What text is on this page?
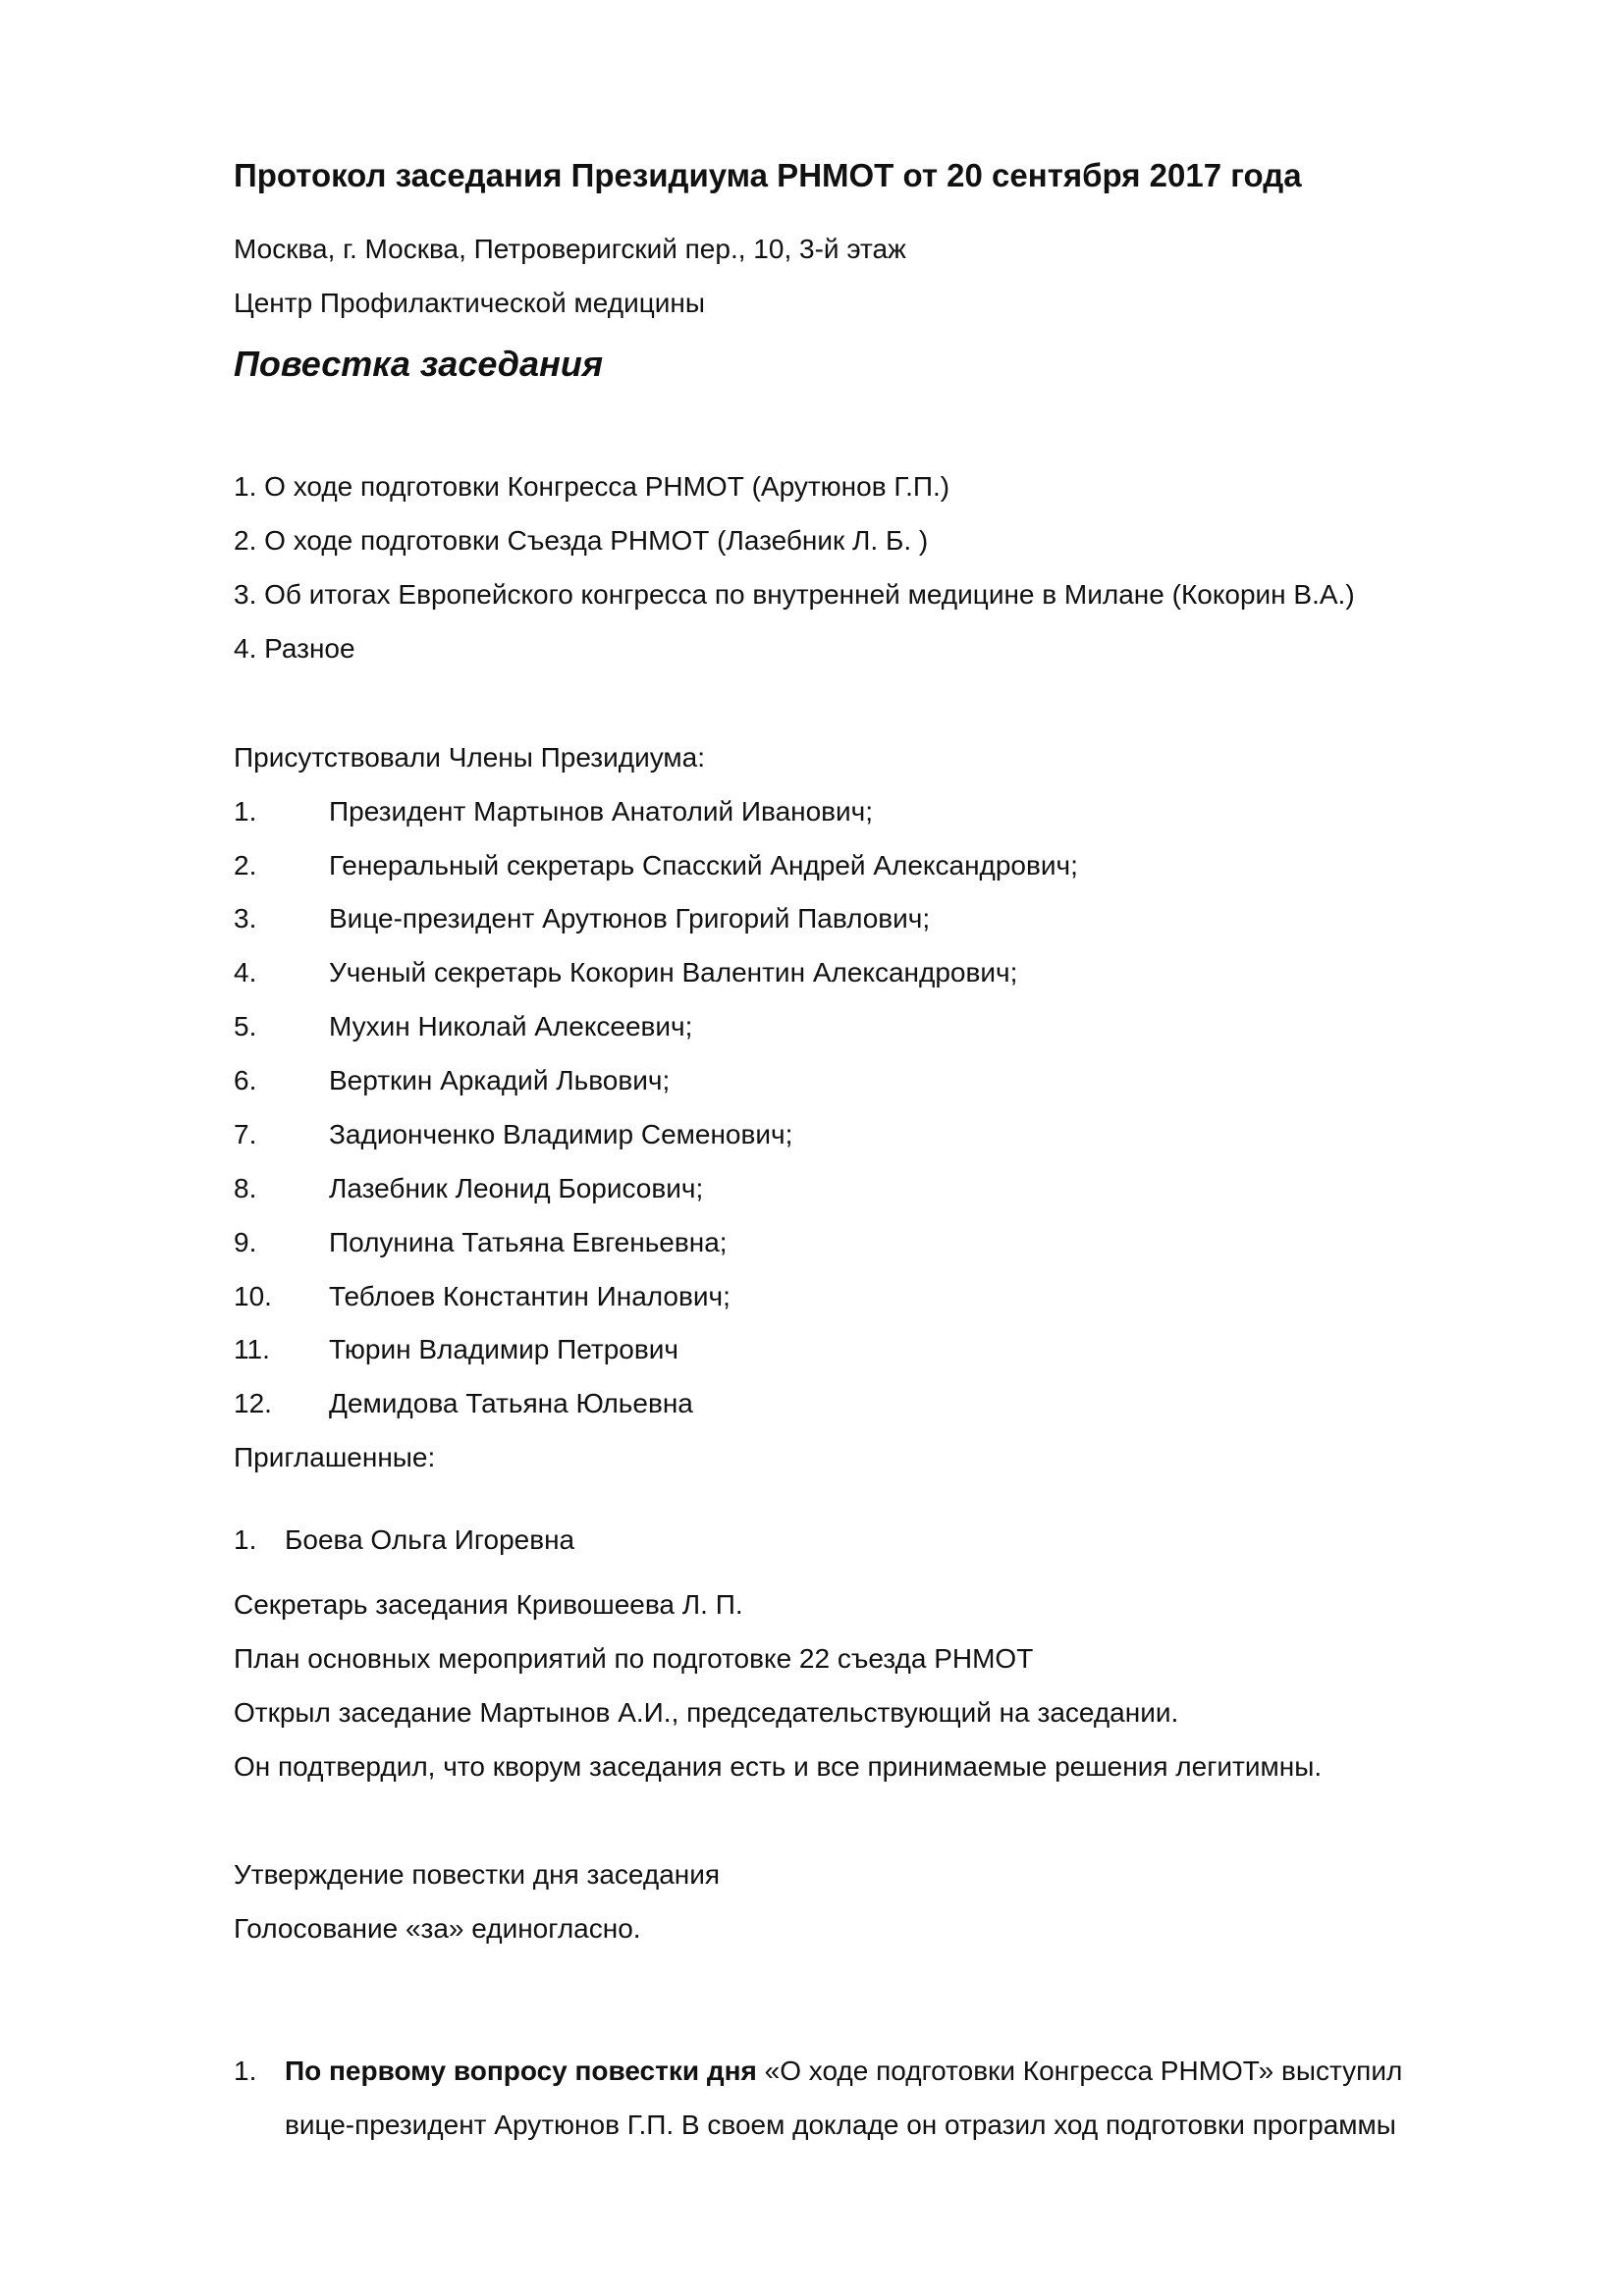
Протокол заседания Президиума РНМОТ от 20 сентября 2017 года
Москва, г. Москва, Петроверигский пер., 10, 3-й этаж
Центр Профилактической медицины
Повестка заседания
1. О ходе подготовки Конгресса РНМОТ (Арутюнов Г.П.)
2. О ходе подготовки Съезда РНМОТ (Лазебник Л. Б. )
3. Об итогах Европейского конгресса по внутренней медицине в Милане (Кокорин В.А.)
4. Разное
Присутствовали Члены Президиума:
1.	Президент Мартынов Анатолий Иванович;
2.	Генеральный секретарь Спасский Андрей Александрович;
3.	Вице-президент Арутюнов Григорий Павлович;
4.	Ученый секретарь Кокорин Валентин Александрович;
5.	Мухин Николай Алексеевич;
6.	Верткин Аркадий Львович;
7.	Задионченко Владимир Семенович;
8.	Лазебник Леонид Борисович;
9.	Полунина Татьяна Евгеньевна;
10. Теблоев Константин Иналович;
11. Тюрин Владимир Петрович
12. Демидова Татьяна Юльевна
Приглашенные:
1. Боева Ольга Игоревна
Секретарь заседания Кривошеева Л. П.
План основных мероприятий по подготовке 22 съезда РНМОТ
Открыл заседание Мартынов А.И., председательствующий на заседании.
Он подтвердил, что кворум заседания есть и все принимаемые решения легитимны.
Утверждение повестки дня заседания
Голосование «за» единогласно.
1. По первому вопросу повестки дня «О ходе подготовки Конгресса РНМОТ» выступил
вице-президент Арутюнов Г.П. В своем докладе он отразил ход подготовки программы
